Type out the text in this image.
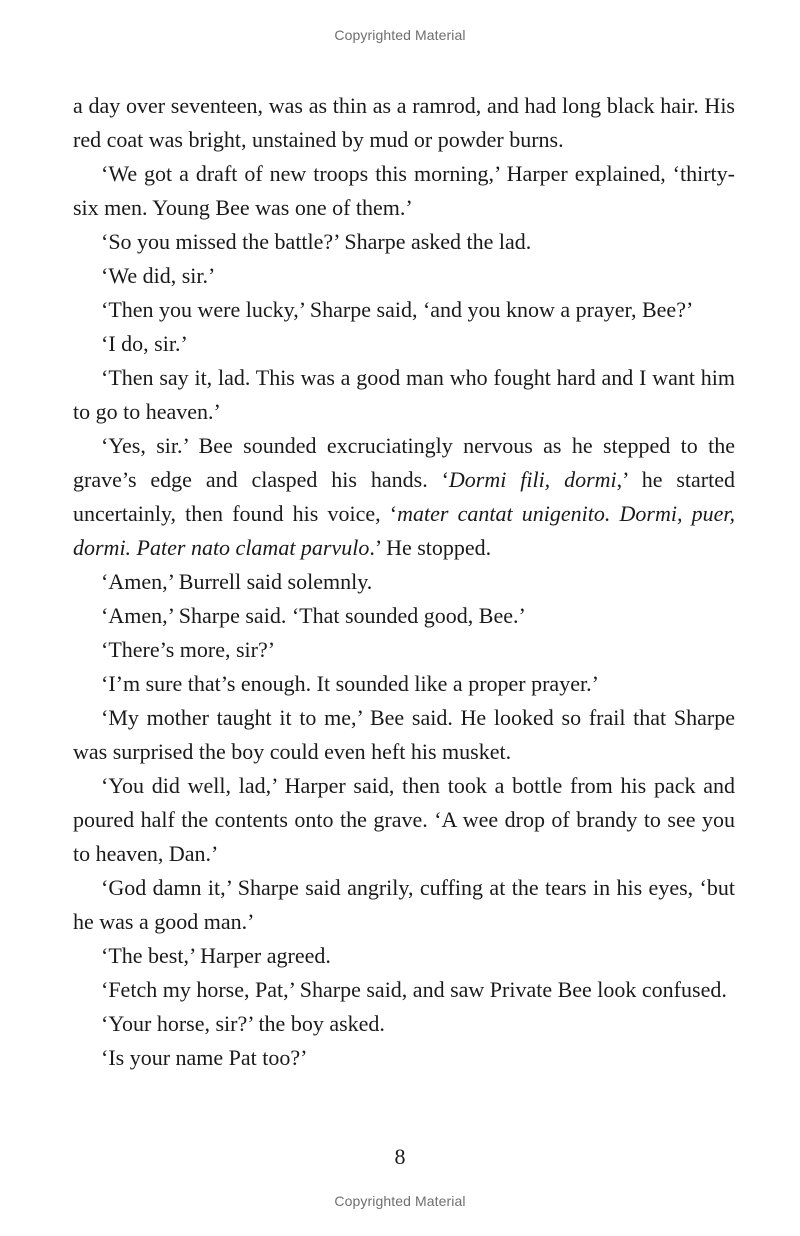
Copyrighted Material

a day over seventeen, was as thin as a ramrod, and had long black hair. His red coat was bright, unstained by mud or powder burns.

‘We got a draft of new troops this morning,’ Harper explained, ‘thirty-six men. Young Bee was one of them.’

‘So you missed the battle?’ Sharpe asked the lad.

‘We did, sir.’

‘Then you were lucky,’ Sharpe said, ‘and you know a prayer, Bee?’

‘I do, sir.’

‘Then say it, lad. This was a good man who fought hard and I want him to go to heaven.’

‘Yes, sir.’ Bee sounded excruciatingly nervous as he stepped to the grave’s edge and clasped his hands. ‘Dormi fili, dormi,’ he started uncertainly, then found his voice, ‘mater cantat unigenito. Dormi, puer, dormi. Pater nato clamat parvulo.’ He stopped.

‘Amen,’ Burrell said solemnly.

‘Amen,’ Sharpe said. ‘That sounded good, Bee.’

‘There’s more, sir?’

‘I’m sure that’s enough. It sounded like a proper prayer.’

‘My mother taught it to me,’ Bee said. He looked so frail that Sharpe was surprised the boy could even heft his musket.

‘You did well, lad,’ Harper said, then took a bottle from his pack and poured half the contents onto the grave. ‘A wee drop of brandy to see you to heaven, Dan.’

‘God damn it,’ Sharpe said angrily, cuffing at the tears in his eyes, ‘but he was a good man.’

‘The best,’ Harper agreed.

‘Fetch my horse, Pat,’ Sharpe said, and saw Private Bee look confused.

‘Your horse, sir?’ the boy asked.

‘Is your name Pat too?’

8
Copyrighted Material
